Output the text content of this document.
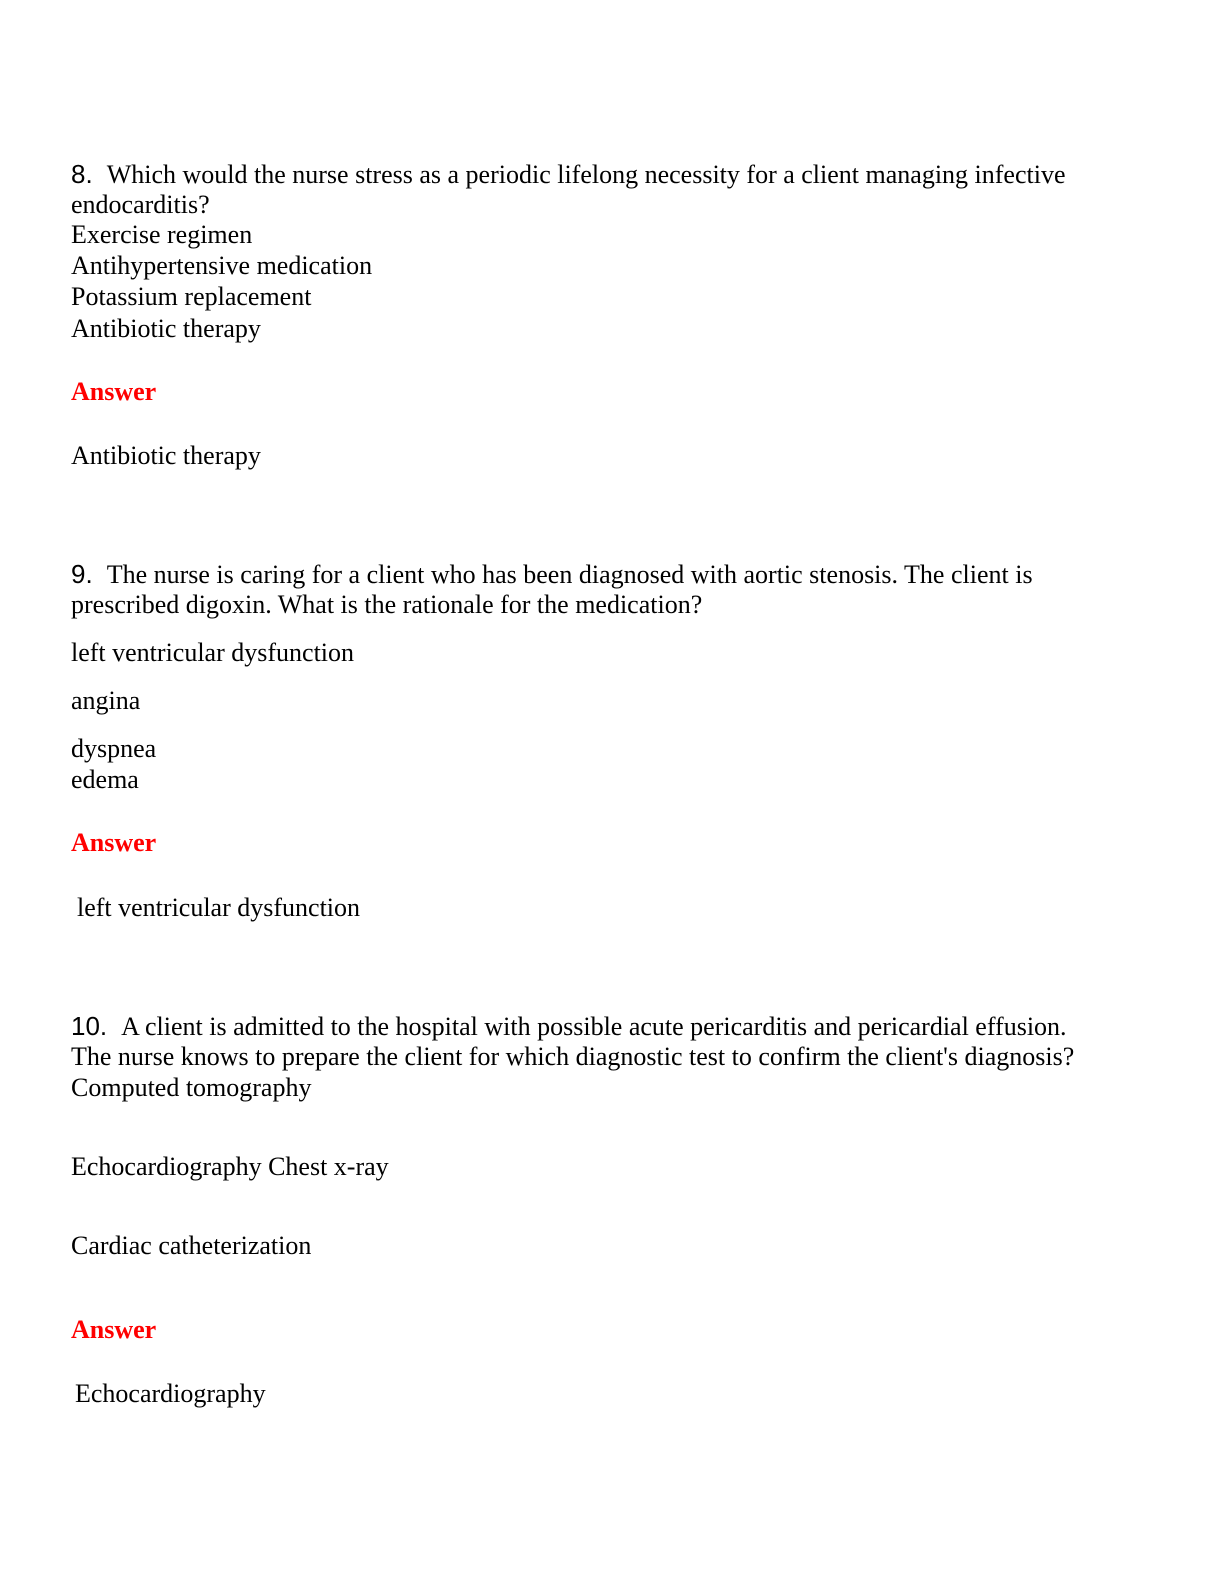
8. Which would the nurse stress as a periodic lifelong necessity for a client managing infective
endocarditis?
Exercise regimen
Antihypertensive medication
Potassium replacement
Antibiotic therapy
Answer
Antibiotic therapy
9. The nurse is caring for a client who has been diagnosed with aortic stenosis. The client is
prescribed digoxin. What is the rationale for the medication?
left ventricular dysfunction
angina
dyspnea
edema
Answer
left ventricular dysfunction
10. A client is admitted to the hospital with possible acute pericarditis and pericardial effusion.
The nurse knows to prepare the client for which diagnostic test to confirm the client's diagnosis?
Computed tomography
Echocardiography Chest x-ray
Cardiac catheterization
Answer
Echocardiography
